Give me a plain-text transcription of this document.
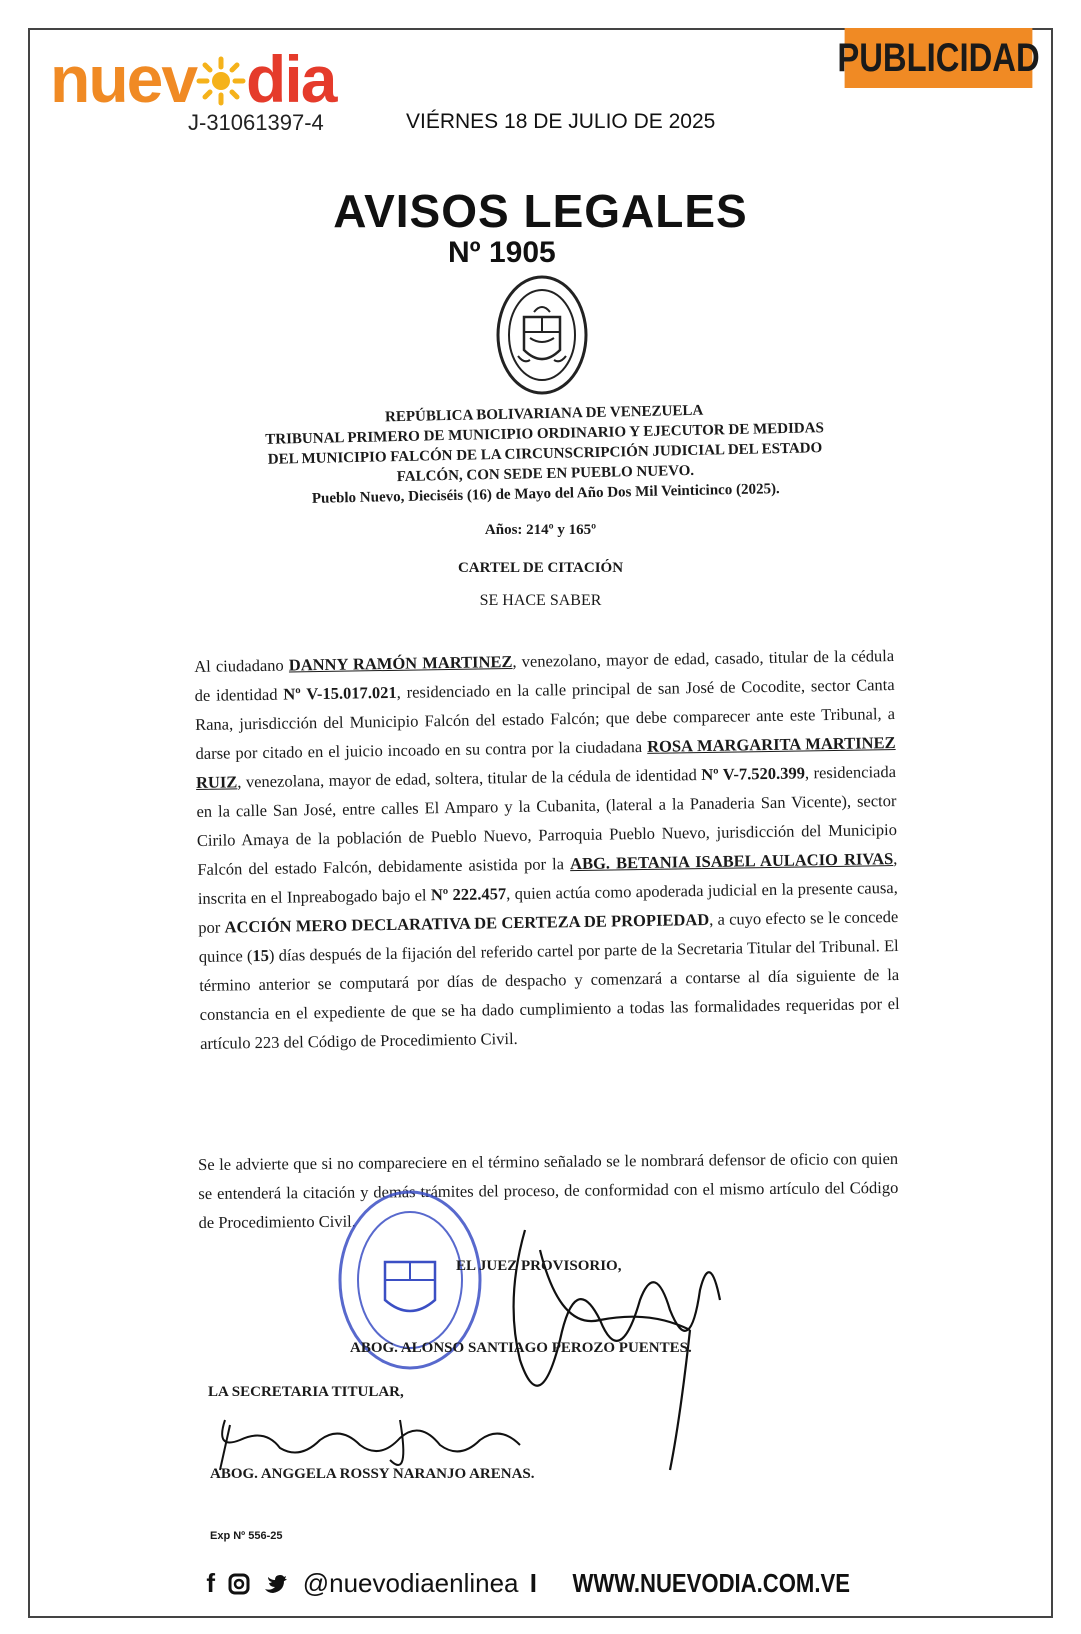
PUBLICIDAD
nuev dia
J-31061397-4	VIÉRNES 18 DE JULIO DE 2025
AVISOS LEGALES
Nº 1905
REPÚBLICA BOLIVARIANA DE VENEZUELA
TRIBUNAL PRIMERO DE MUNICIPIO ORDINARIO Y EJECUTOR DE MEDIDAS
DEL MUNICIPIO FALCÓN DE LA CIRCUNSCRIPCIÓN JUDICIAL DEL ESTADO
FALCÓN, CON SEDE EN PUEBLO NUEVO.
Pueblo Nuevo, Dieciséis (16) de Mayo del Año Dos Mil Veinticinco (2025).
Años: 214º y 165º
CARTEL DE CITACIÓN
SE HACE SABER
Al ciudadano DANNY RAMÓN MARTINEZ, venezolano, mayor de edad, casado, titular de la cédula de identidad Nº V-15.017.021, residenciado en la calle principal de san José de Cocodite, sector Canta Rana, jurisdicción del Municipio Falcón del estado Falcón; que debe comparecer ante este Tribunal, a darse por citado en el juicio incoado en su contra por la ciudadana ROSA MARGARITA MARTINEZ RUIZ, venezolana, mayor de edad, soltera, titular de la cédula de identidad Nº V-7.520.399, residenciada en la calle San José, entre calles El Amparo y la Cubanita, (lateral a la Panaderia San Vicente), sector Cirilo Amaya de la población de Pueblo Nuevo, Parroquia Pueblo Nuevo, jurisdicción del Municipio Falcón del estado Falcón, debidamente asistida por la ABG. BETANIA ISABEL AULACIO RIVAS, inscrita en el Inpreabogado bajo el Nº 222.457, quien actúa como apoderada judicial en la presente causa, por ACCIÓN MERO DECLARATIVA DE CERTEZA DE PROPIEDAD, a cuyo efecto se le concede quince (15) días después de la fijación del referido cartel por parte de la Secretaria Titular del Tribunal. El término anterior se computará por días de despacho y comenzará a contarse al día siguiente de la constancia en el expediente de que se ha dado cumplimiento a todas las formalidades requeridas por el artículo 223 del Código de Procedimiento Civil.
Se le advierte que si no compareciere en el término señalado se le nombrará defensor de oficio con quien se entenderá la citación y demás trámites del proceso, de conformidad con el mismo artículo del Código de Procedimiento Civil.
EL JUEZ PROVISORIO,
ABOG. ALONSO SANTIAGO PEROZO PUENTES.
LA SECRETARIA TITULAR,
ABOG. ANGGELA ROSSY NARANJO ARENAS.
Exp Nº 556-25
f	@nuevodiaenlinea I WWW.NUEVODIA.COM.VE
